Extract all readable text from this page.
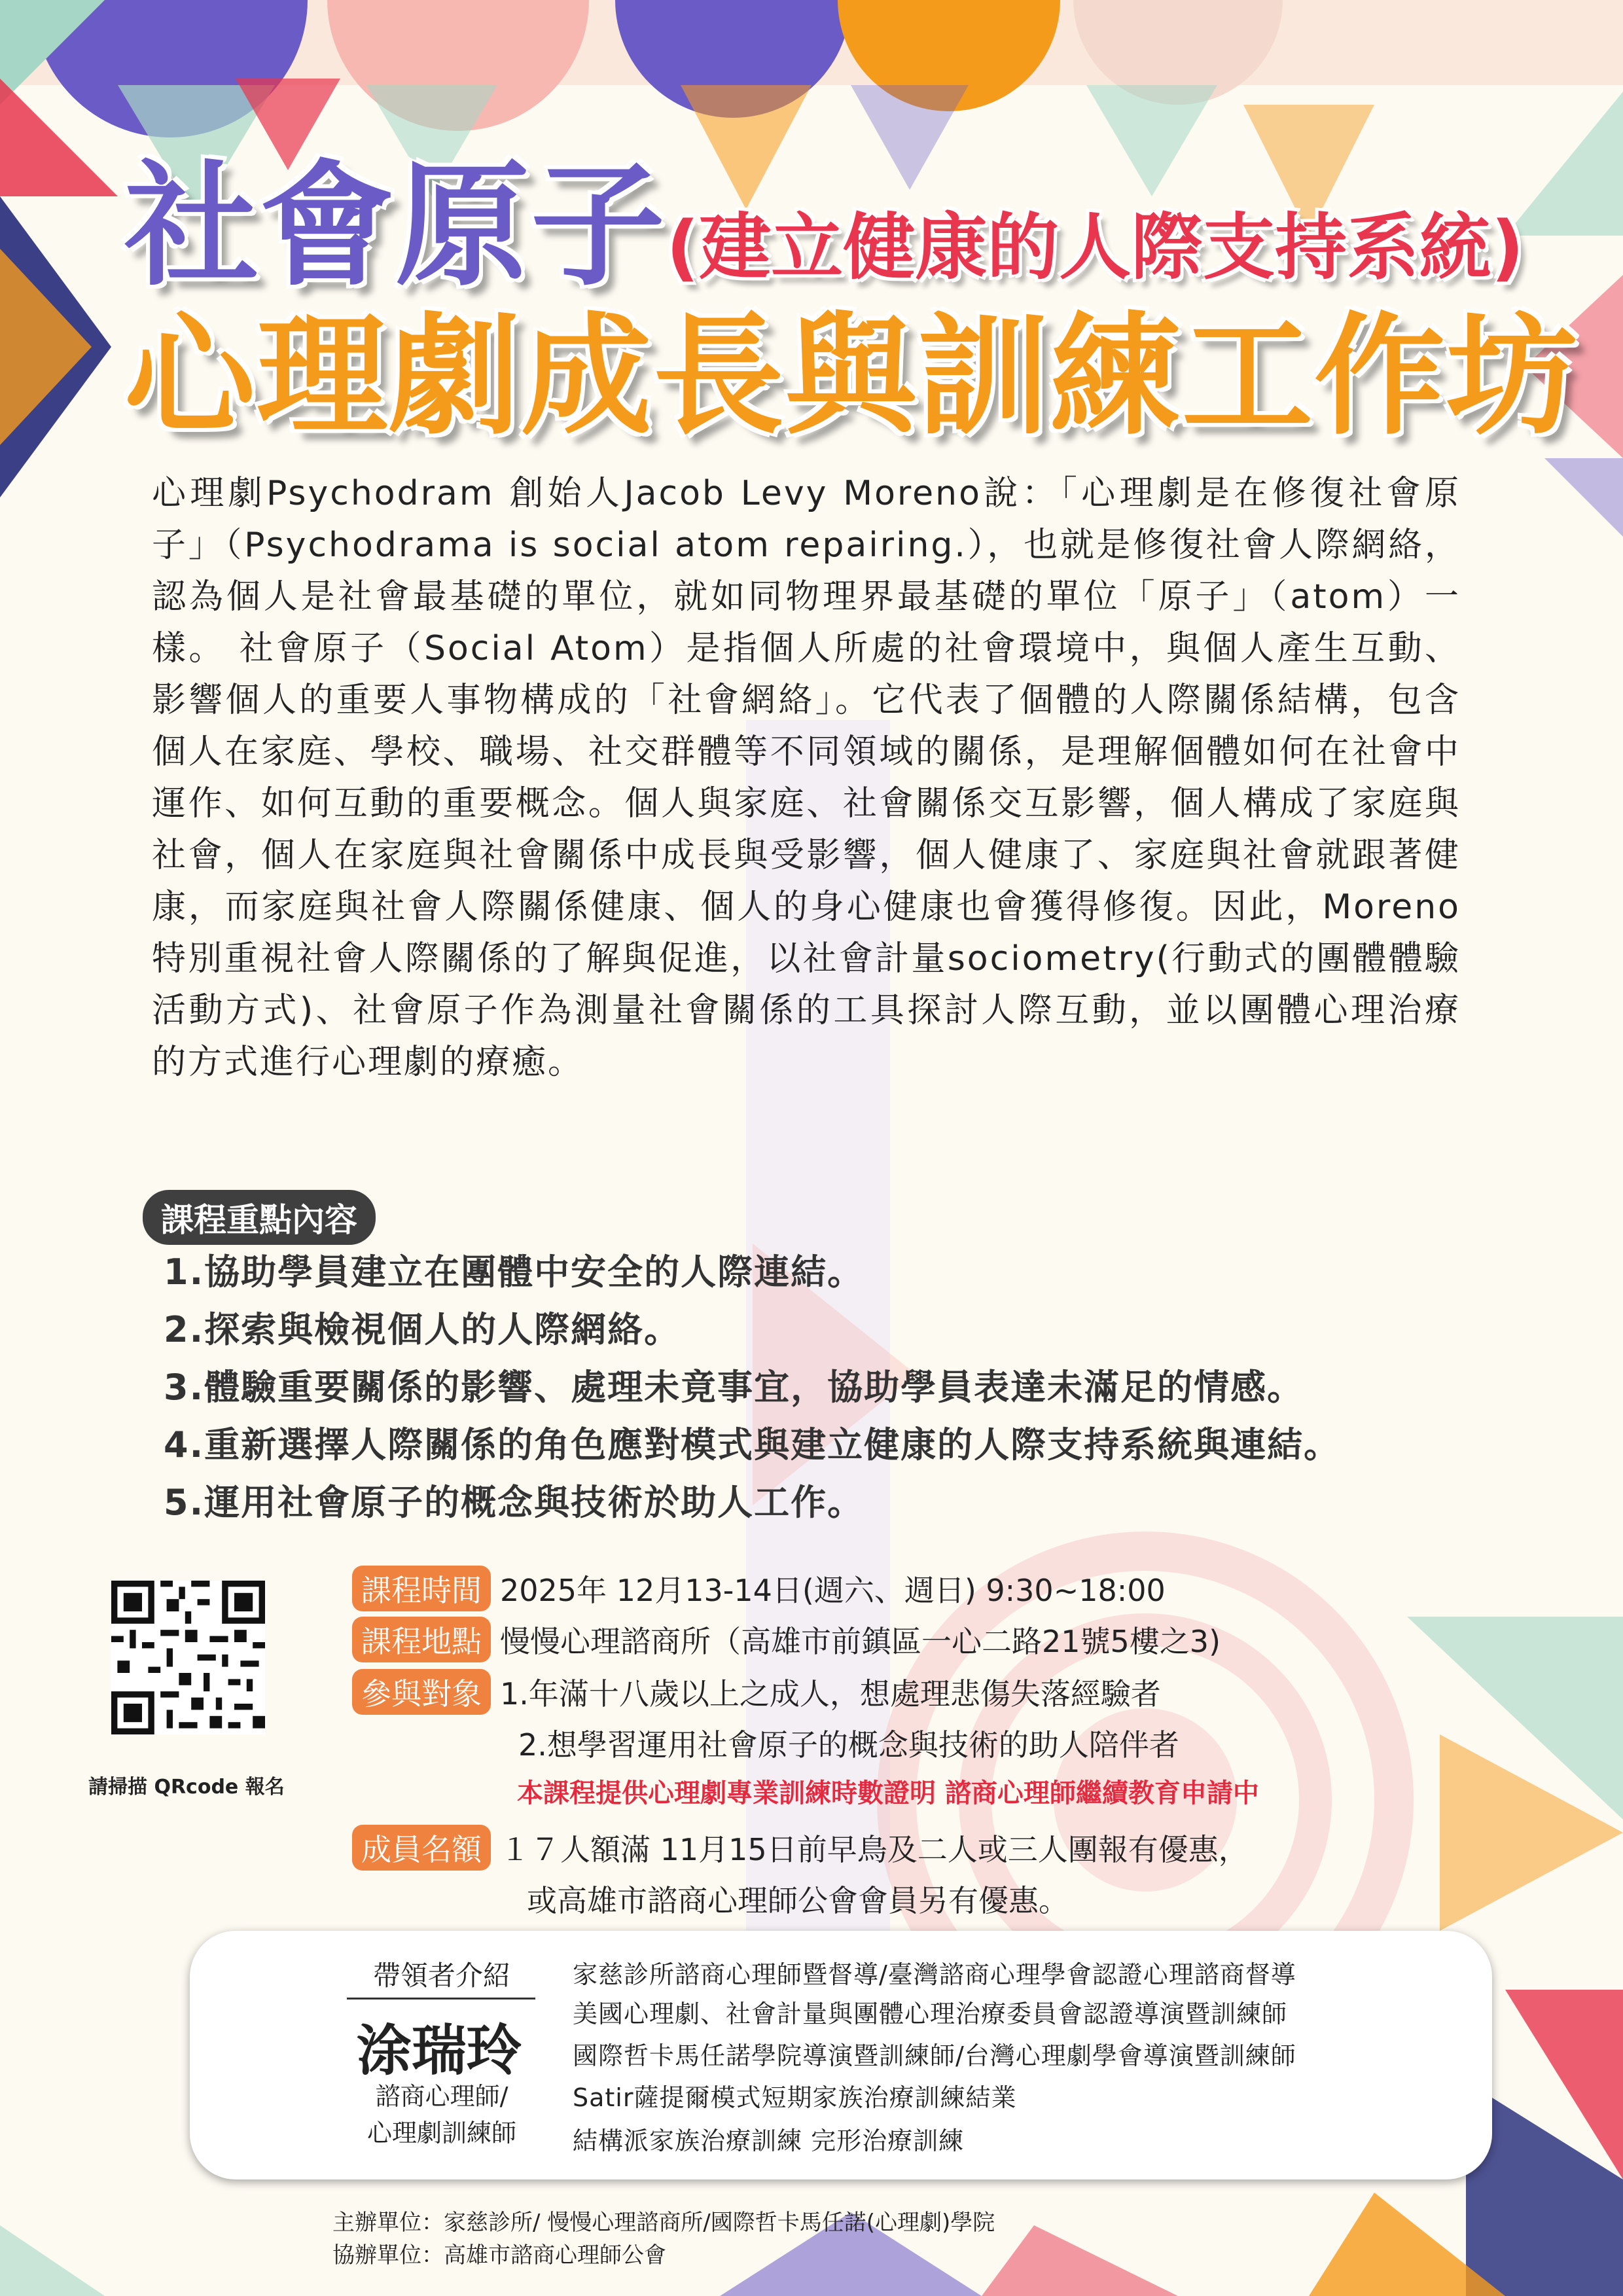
社會原子(建立健康的人際支持系統)
心理劇成長與訓練工作坊
心理劇Psychodram 創始人Jacob Levy Moreno說：「心理劇是在修復社會原子」（Psychodrama is social atom repairing.），也就是修復社會人際網絡，認為個人是社會最基礎的單位，就如同物理界最基礎的單位「原子」（atom）一樣。 社會原子（Social Atom）是指個人所處的社會環境中，與個人產生互動、影響個人的重要人事物構成的「社會網絡」。它代表了個體的人際關係結構，包含個人在家庭、學校、職場、社交群體等不同領域的關係，是理解個體如何在社會中運作、如何互動的重要概念。個人與家庭、社會關係交互影響，個人構成了家庭與社會，個人在家庭與社會關係中成長與受影響，個人健康了、家庭與社會就跟著健康，而家庭與社會人際關係健康、個人的身心健康也會獲得修復。因此，Moreno特別重視社會人際關係的了解與促進，以社會計量sociometry(行動式的團體體驗活動方式)、社會原子作為測量社會關係的工具探討人際互動，並以團體心理治療的方式進行心理劇的療癒。
課程重點內容
1.協助學員建立在團體中安全的人際連結。
2.探索與檢視個人的人際網絡。
3.體驗重要關係的影響、處理未竟事宜，協助學員表達未滿足的情感。
4.重新選擇人際關係的角色應對模式與建立健康的人際支持系統與連結。
5.運用社會原子的概念與技術於助人工作。
請掃描 QRcode 報名
課程時間 2025年 12月13-14日(週六、週日) 9:30~18:00
課程地點 慢慢心理諮商所（高雄市前鎮區一心二路21號5樓之3)
參與對象 1.年滿十八歲以上之成人，想處理悲傷失落經驗者
2.想學習運用社會原子的概念與技術的助人陪伴者
本課程提供心理劇專業訓練時數證明 諮商心理師繼續教育申請中
成員名額 １７人額滿 11月15日前早鳥及二人或三人團報有優惠，
或高雄市諮商心理師公會會員另有優惠。
帶領者介紹
涂瑞玲
諮商心理師/
心理劇訓練師
家慈診所諮商心理師暨督導/臺灣諮商心理學會認證心理諮商督導
美國心理劇、社會計量與團體心理治療委員會認證導演暨訓練師
國際哲卡馬任諾學院導演暨訓練師/台灣心理劇學會導演暨訓練師
Satir薩提爾模式短期家族治療訓練結業
結構派家族治療訓練 完形治療訓練
主辦單位：家慈診所/ 慢慢心理諮商所/國際哲卡馬任諾(心理劇)學院
協辦單位：高雄市諮商心理師公會
